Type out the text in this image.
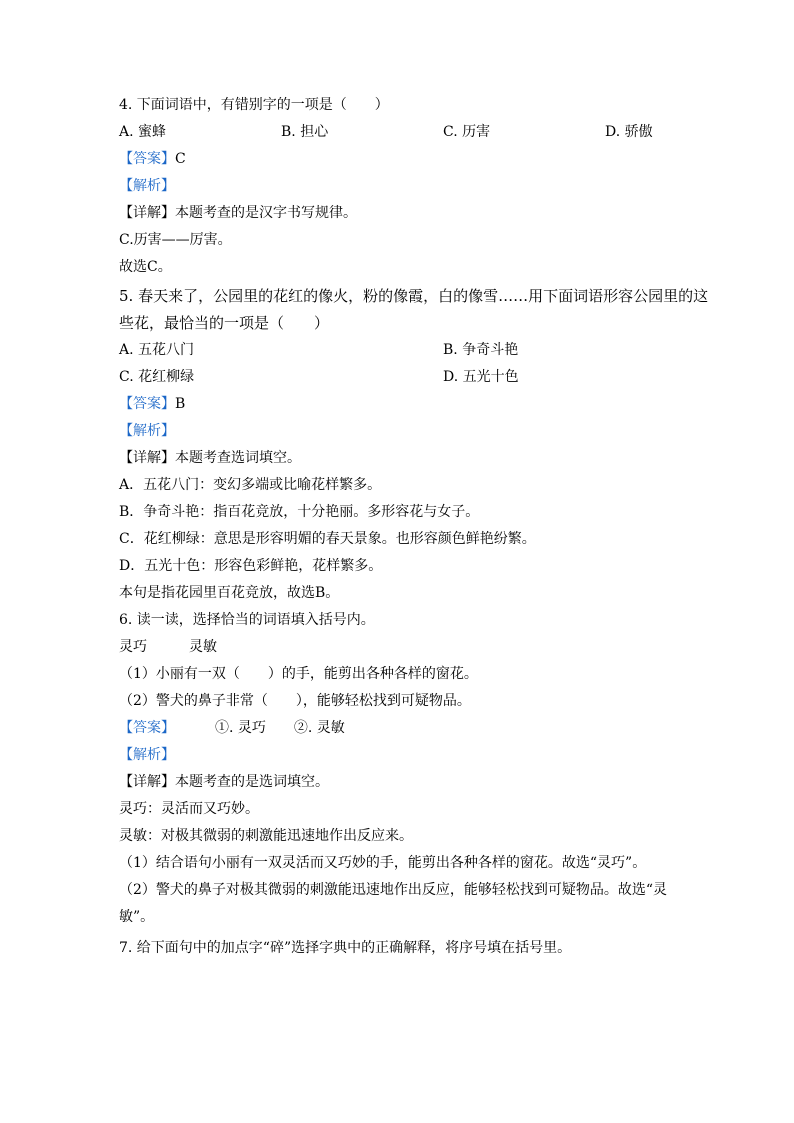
4. 下面词语中，有错别字的一项是（　　）
A. 蜜蜂	B. 担心	C. 历害	D. 骄傲
【答案】C
【解析】
【详解】本题考查的是汉字书写规律。
C.历害——厉害。
故选C。
5. 春天来了，公园里的花红的像火，粉的像霞，白的像雪……用下面词语形容公园里的这
些花，最恰当的一项是（　　）
A. 五花八门	B. 争奇斗艳
C. 花红柳绿	D. 五光十色
【答案】B
【解析】
【详解】本题考查选词填空。
A．五花八门：变幻多端或比喻花样繁多。
B．争奇斗艳：指百花竞放，十分艳丽。多形容花与女子。
C．花红柳绿：意思是形容明媚的春天景象。也形容颜色鲜艳纷繁。
D．五光十色：形容色彩鲜艳，花样繁多。
本句是指花园里百花竞放，故选B。
6. 读一读，选择恰当的词语填入括号内。
灵巧	灵敏
（1）小丽有一双（　　）的手，能剪出各种各样的窗花。
（2）警犬的鼻子非常（　　），能够轻松找到可疑物品。
【答案】	①. 灵巧 ②. 灵敏
【解析】
【详解】本题考查的是选词填空。
灵巧：灵活而又巧妙。
灵敏：对极其微弱的刺激能迅速地作出反应来。
（1）结合语句小丽有一双灵活而又巧妙的手，能剪出各种各样的窗花。故选“灵巧”。
（2）警犬的鼻子对极其微弱的刺激能迅速地作出反应，能够轻松找到可疑物品。故选“灵
敏”。
7. 给下面句中的加点字“碎”选择字典中的正确解释，将序号填在括号里。
